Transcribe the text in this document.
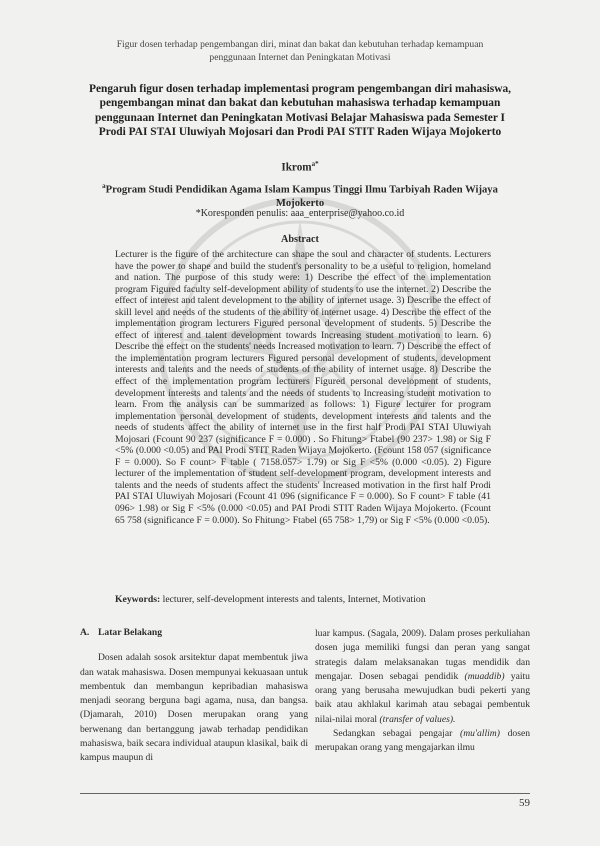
Figur dosen terhadap pengembangan diri, minat dan bakat dan kebutuhan terhadap kemampuan
penggunaan Internet dan Peningkatan Motivasi
Pengaruh figur dosen terhadap implementasi program pengembangan diri mahasiswa,
pengembangan minat dan bakat dan kebutuhan mahasiswa terhadap kemampuan
penggunaan Internet dan Peningkatan Motivasi Belajar Mahasiswa pada Semester I
Prodi PAI STAI Uluwiyah Mojosari dan Prodi PAI STIT Raden Wijaya Mojokerto
Ikrom$^{a*}$
$^a$Program Studi Pendidikan Agama Islam Kampus Tinggi Ilmu Tarbiyah Raden Wijaya
Mojokerto
*Koresponden penulis: aaa_enterprise@yahoo.co.id
Abstract
Lecturer is the figure of the architecture can shape the soul and character of students. Lecturers have the power to shape and build the student's personality to be a useful to religion, homeland and nation. The purpose of this study were: 1) Describe the effect of the implementation program Figured faculty self-development ability of students to use the internet. 2) Describe the effect of interest and talent development to the ability of internet usage. 3) Describe the effect of skill level and needs of the students of the ability of internet usage. 4) Describe the effect of the implementation program lecturers Figured personal development of students. 5) Describe the effect of interest and talent development towards Increasing student motivation to learn. 6) Describe the effect on the students' needs Increased motivation to learn. 7) Describe the effect of the implementation program lecturers Figured personal development of students, development interests and talents and the needs of students of the ability of internet usage. 8) Describe the effect of the implementation program lecturers Figured personal development of students, development interests and talents and the needs of students to Increasing student motivation to learn. From the analysis can be summarized as follows: 1) Figure lecturer for program implementation personal development of students, development interests and talents and the needs of students affect the ability of internet use in the first half Prodi PAI STAI Uluwiyah Mojosari (Fcount 90 237 (significance F = 0.000) . So Fhitung> Ftabel (90 237> 1.98) or Sig F <5% (0.000 <0.05) and PAI Prodi STIT Raden Wijaya Mojokerto. (Fcount 158 057 (significance F = 0.000). So F count> F table ( 7158.057> 1.79) or Sig F <5% (0.000 <0.05). 2) Figure lecturer of the implementation of student self-development program, development interests and talents and the needs of students affect the students' Increased motivation in the first half Prodi PAI STAI Uluwiyah Mojosari (Fcount 41 096 (significance F = 0.000). So F count> F table (41 096> 1.98) or Sig F <5% (0.000 <0.05) and PAI Prodi STIT Raden Wijaya Mojokerto. (Fcount 65 758 (significance F = 0.000). So Fhitung> Ftabel (65 758> 1,79) or Sig F <5% (0.000 <0.05).
Keywords: lecturer, self-development interests and talents, Internet, Motivation

A. Latar Belakang

Dosen adalah sosok arsitektur dapat membentuk jiwa dan watak mahasiswa. Dosen mempunyai kekuasaan untuk membentuk dan membangun kepribadian mahasiswa menjadi seorang berguna bagi agama, nusa, dan bangsa. (Djamarah, 2010) Dosen merupakan orang yang berwenang dan bertanggung jawab terhadap pendidikan mahasiswa, baik secara individual ataupun klasikal, baik di kampus maupun di

luar kampus. (Sagala, 2009). Dalam proses perkuliahan dosen juga memiliki fungsi dan peran yang sangat strategis dalam melaksanakan tugas mendidik dan mengajar. Dosen sebagai pendidik (muaddib) yaitu orang yang berusaha mewujudkan budi pekerti yang baik atau akhlakul karimah atau sebagai pembentuk nilai-nilai moral (transfer of values).

Sedangkan sebagai pengajar (mu'allim) dosen merupakan orang yang mengajarkan ilmu

59
